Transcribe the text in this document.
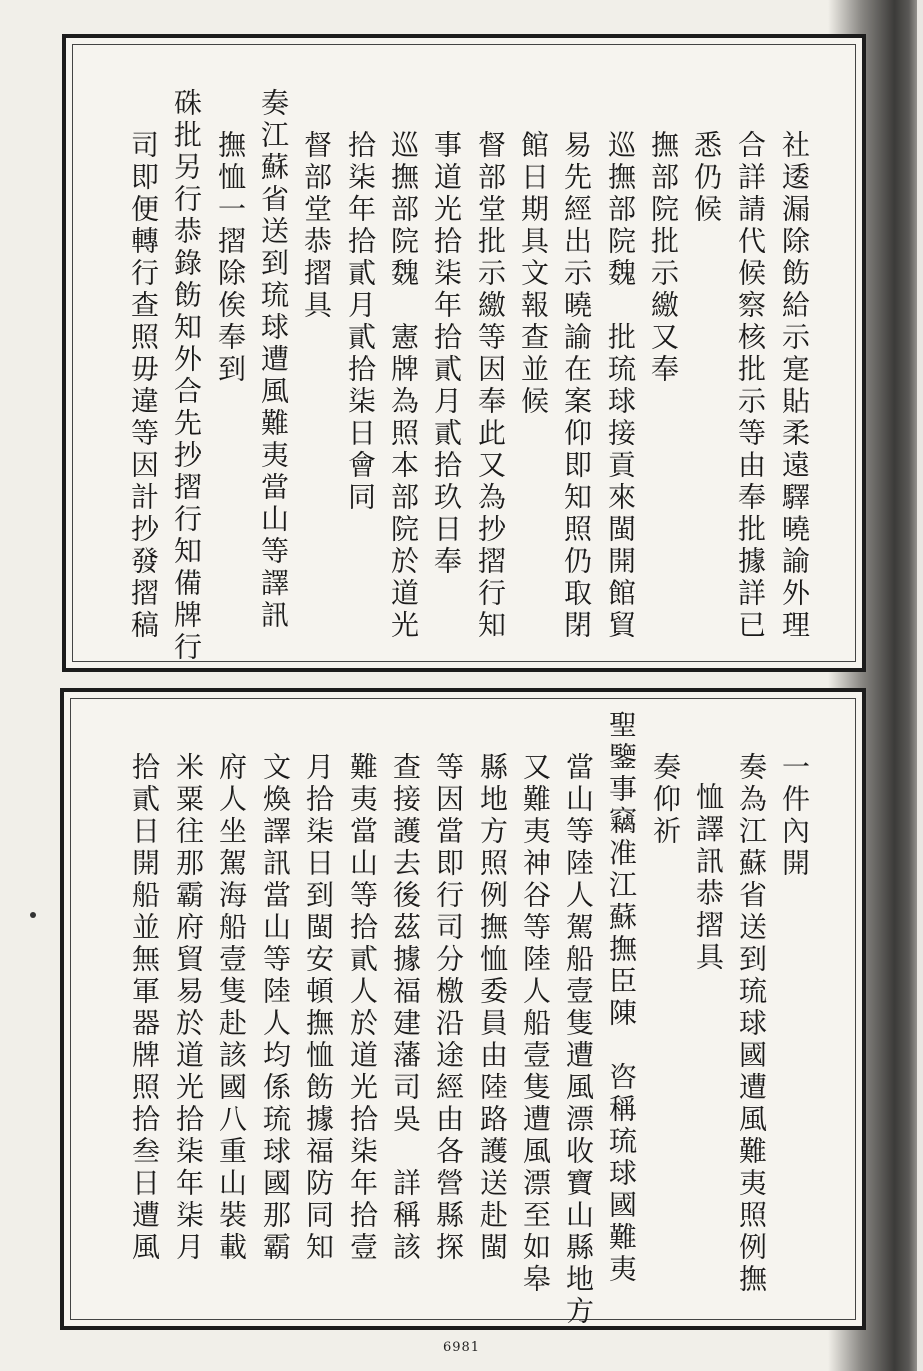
社逶漏除飭給示寔貼柔遠驛曉諭外理
合詳請代候察核批示等由奉批據詳已
悉仍候
撫部院批示繳又奉
巡撫部院魏　批琉球接貢來閩開館貿
易先經出示曉諭在案仰即知照仍取閉
館日期具文報查並候
督部堂批示繳等因奉此又為抄摺行知
事道光拾柒年拾貳月貳拾玖日奉
巡撫部院魏　憲牌為照本部院於道光
拾柒年拾貳月貳拾柒日會同
督部堂恭摺具
奏江蘇省送到琉球遭風難夷當山等譯訊
撫恤一摺除俟奉到
硃批另行恭錄飭知外合先抄摺行知備牌行
司即便轉行查照毋違等因計抄發摺稿
一件內開
奏為江蘇省送到琉球國遭風難夷照例撫
恤譯訊恭摺具
奏仰祈
聖鑒事竊准江蘇撫臣陳　咨稱琉球國難夷
當山等陸人駕船壹隻遭風漂收寶山縣地方
又難夷神谷等陸人船壹隻遭風漂至如皋
縣地方照例撫恤委員由陸路護送赴閩
等因當即行司分檄沿途經由各營縣探
查接護去後茲據福建藩司吳　詳稱該
難夷當山等拾貳人於道光拾柒年拾壹
月拾柒日到閩安頓撫恤飭據福防同知
文煥譯訊當山等陸人均係琉球國那霸
府人坐駕海船壹隻赴該國八重山裝載
米粟往那霸府貿易於道光拾柒年柒月
拾貳日開船並無軍器牌照拾叁日遭風
6981
